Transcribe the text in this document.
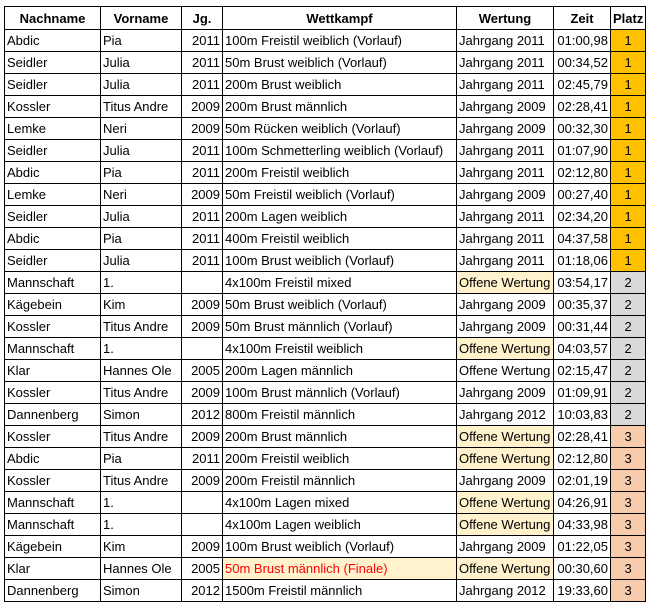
Nachname	Vorname	Jg.	Wettkampf	Wertung	Zeit	Platz
Abdic	Pia	2011	100m Freistil weiblich (Vorlauf)	Jahrgang 2011	01:00,98	1
Seidler	Julia	2011	50m Brust weiblich (Vorlauf)	Jahrgang 2011	00:34,52	1
Seidler	Julia	2011	200m Brust weiblich	Jahrgang 2011	02:45,79	1
Kossler	Titus Andre	2009	200m Brust männlich	Jahrgang 2009	02:28,41	1
Lemke	Neri	2009	50m Rücken weiblich (Vorlauf)	Jahrgang 2009	00:32,30	1
Seidler	Julia	2011	100m Schmetterling weiblich (Vorlauf)	Jahrgang 2011	01:07,90	1
Abdic	Pia	2011	200m Freistil weiblich	Jahrgang 2011	02:12,80	1
Lemke	Neri	2009	50m Freistil weiblich (Vorlauf)	Jahrgang 2009	00:27,40	1
Seidler	Julia	2011	200m Lagen weiblich	Jahrgang 2011	02:34,20	1
Abdic	Pia	2011	400m Freistil weiblich	Jahrgang 2011	04:37,58	1
Seidler	Julia	2011	100m Brust weiblich (Vorlauf)	Jahrgang 2011	01:18,06	1
Mannschaft	1.		4x100m Freistil mixed	Offene Wertung	03:54,17	2
Kägebein	Kim	2009	50m Brust weiblich (Vorlauf)	Jahrgang 2009	00:35,37	2
Kossler	Titus Andre	2009	50m Brust männlich (Vorlauf)	Jahrgang 2009	00:31,44	2
Mannschaft	1.		4x100m Freistil weiblich	Offene Wertung	04:03,57	2
Klar	Hannes Ole	2005	200m Lagen männlich	Offene Wertung	02:15,47	2
Kossler	Titus Andre	2009	100m Brust männlich (Vorlauf)	Jahrgang 2009	01:09,91	2
Dannenberg	Simon	2012	800m Freistil männlich	Jahrgang 2012	10:03,83	2
Kossler	Titus Andre	2009	200m Brust männlich	Offene Wertung	02:28,41	3
Abdic	Pia	2011	200m Freistil weiblich	Offene Wertung	02:12,80	3
Kossler	Titus Andre	2009	200m Freistil männlich	Jahrgang 2009	02:01,19	3
Mannschaft	1.		4x100m Lagen mixed	Offene Wertung	04:26,91	3
Mannschaft	1.		4x100m Lagen weiblich	Offene Wertung	04:33,98	3
Kägebein	Kim	2009	100m Brust weiblich (Vorlauf)	Jahrgang 2009	01:22,05	3
Klar	Hannes Ole	2005	50m Brust männlich (Finale)	Offene Wertung	00:30,60	3
Dannenberg	Simon	2012	1500m Freistil männlich	Jahrgang 2012	19:33,60	3
